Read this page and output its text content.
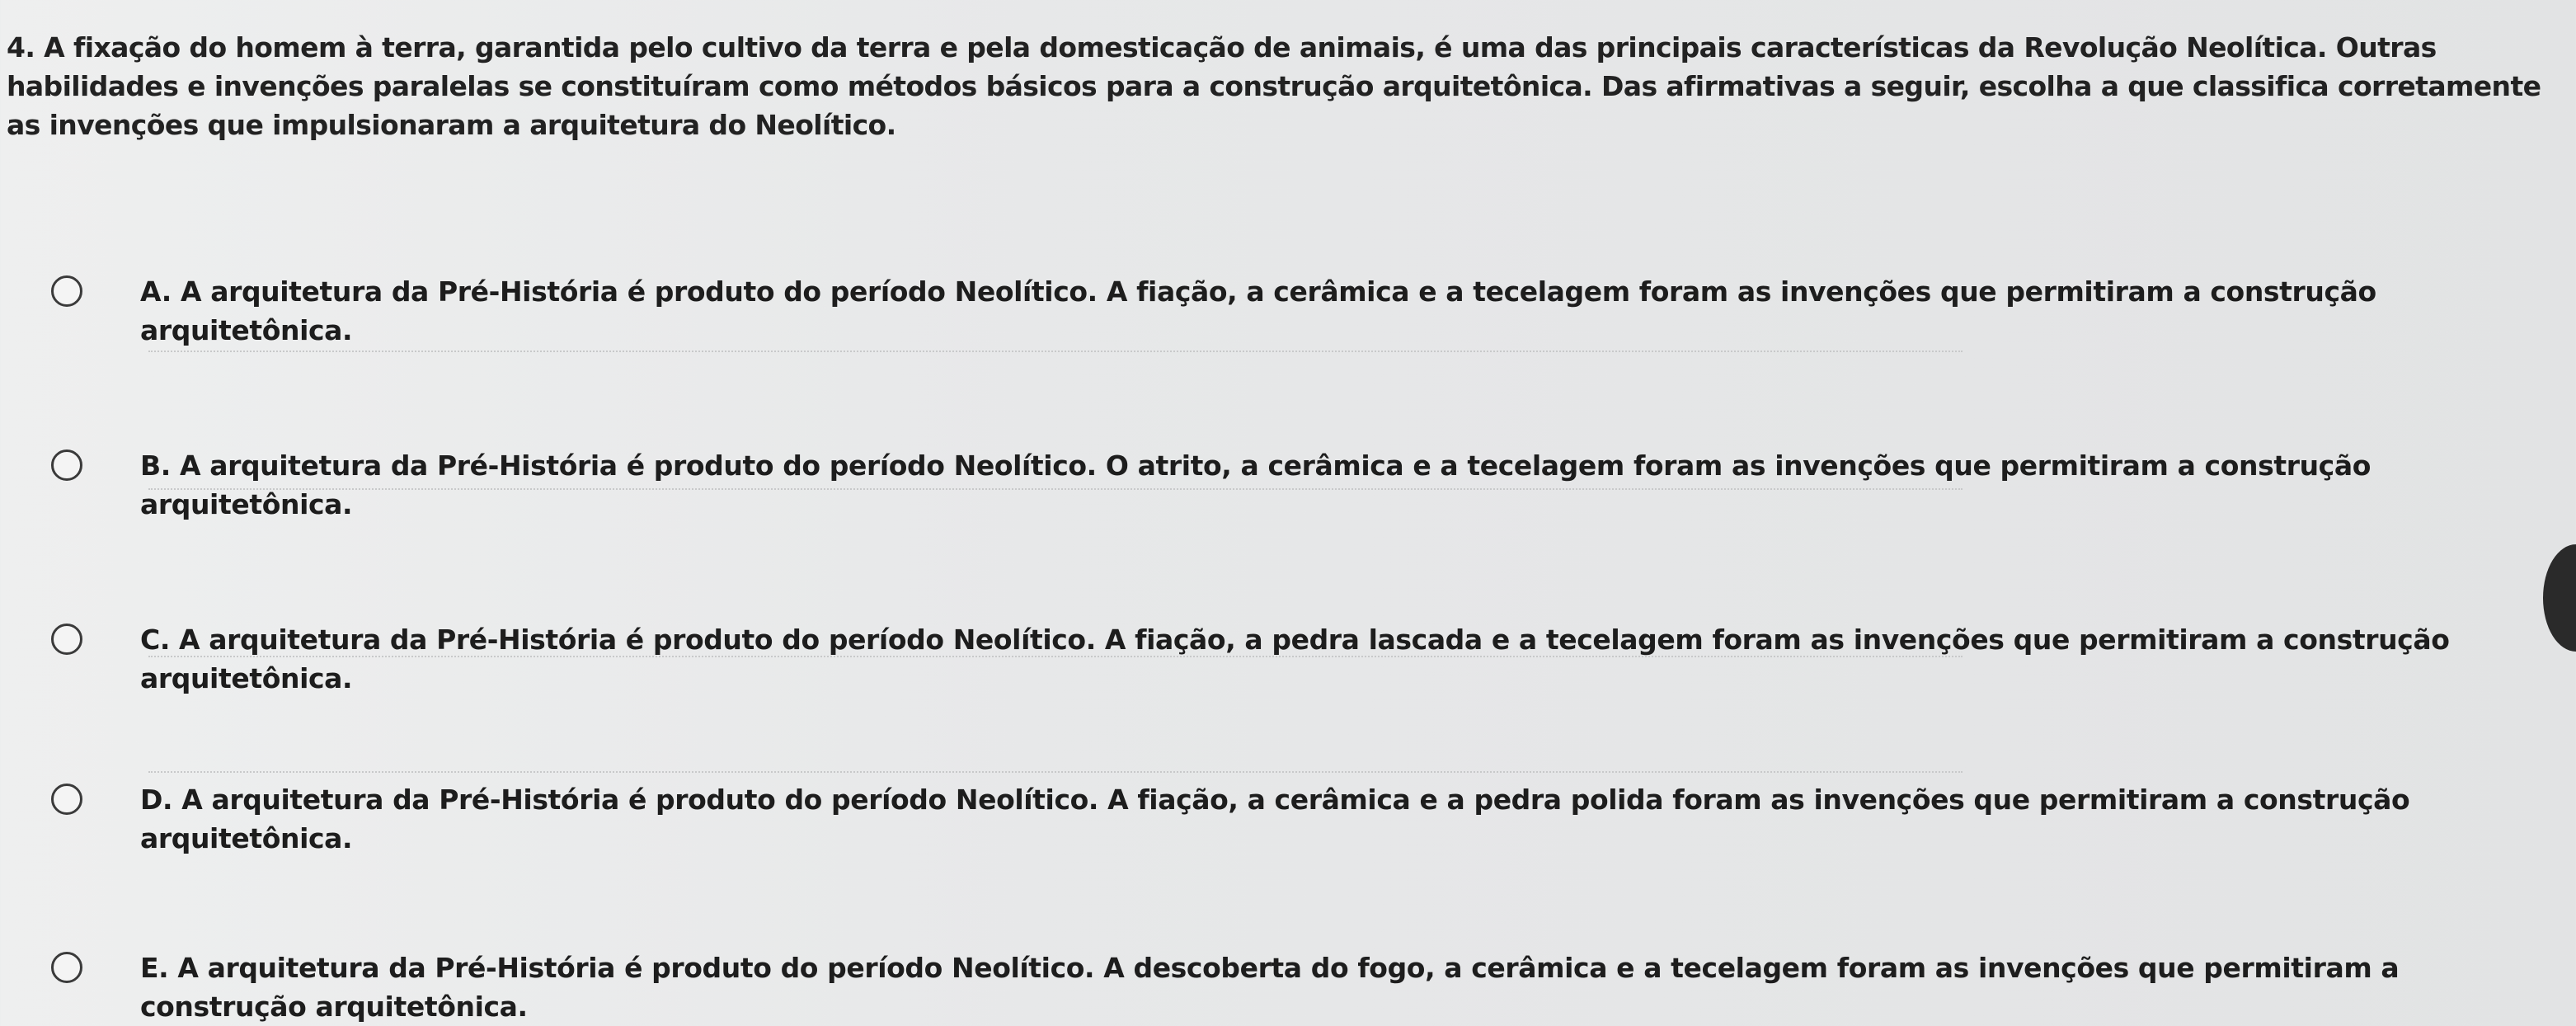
4. A fixação do homem à terra, garantida pelo cultivo da terra e pela domesticação de animais, é uma das principais características da Revolução Neolítica. Outras habilidades e invenções paralelas se constituíram como métodos básicos para a construção arquitetônica. Das afirmativas a seguir, escolha a que classifica corretamente as invenções que impulsionaram a arquitetura do Neolítico.
A. A arquitetura da Pré-História é produto do período Neolítico. A fiação, a cerâmica e a tecelagem foram as invenções que permitiram a construção arquitetônica.
B. A arquitetura da Pré-História é produto do período Neolítico. O atrito, a cerâmica e a tecelagem foram as invenções que permitiram a construção arquitetônica.
C. A arquitetura da Pré-História é produto do período Neolítico. A fiação, a pedra lascada e a tecelagem foram as invenções que permitiram a construção arquitetônica.
D. A arquitetura da Pré-História é produto do período Neolítico. A fiação, a cerâmica e a pedra polida foram as invenções que permitiram a construção arquitetônica.
E. A arquitetura da Pré-História é produto do período Neolítico. A descoberta do fogo, a cerâmica e a tecelagem foram as invenções que permitiram a construção arquitetônica.
